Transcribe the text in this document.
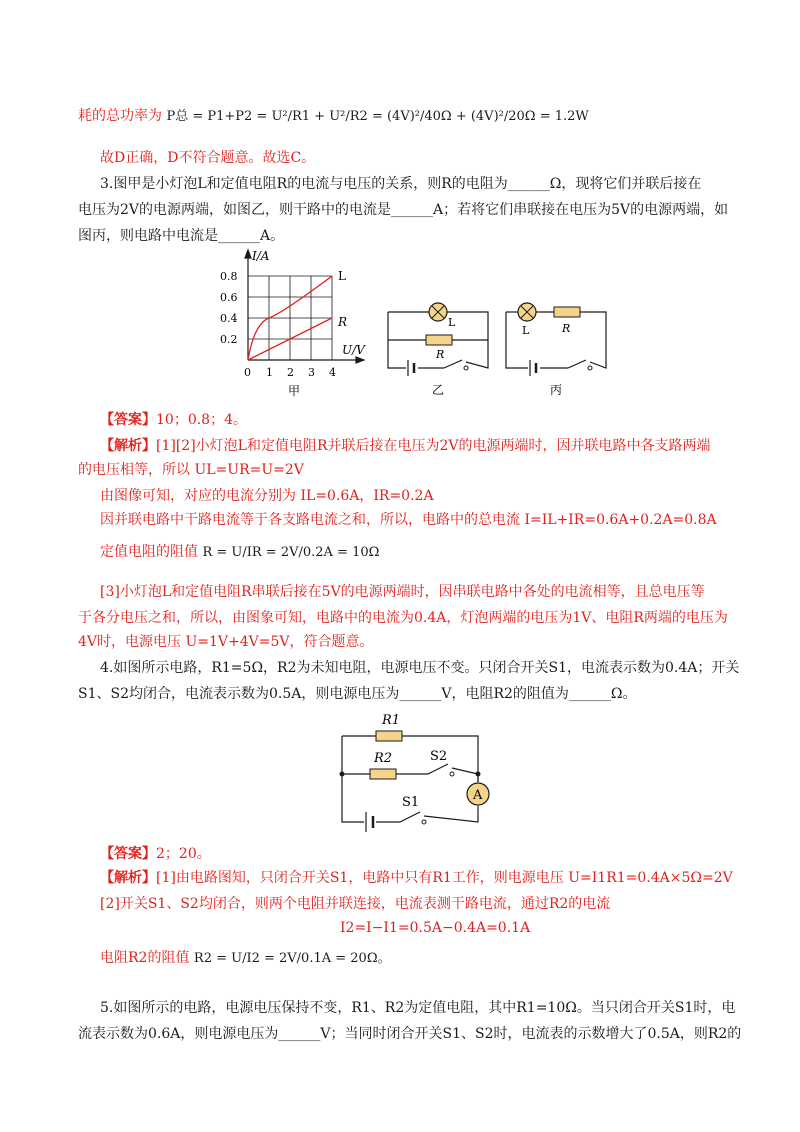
耗的总功率为 P总 = P1+P2 = U²/R1 + U²/R2 = (4V)²/40Ω + (4V)²/20Ω = 1.2W
故D正确，D不符合题意。故选C。
3.图甲是小灯泡L和定值电阻R的电流与电压的关系，则R的电阻为______Ω，现将它们并联后接在
电压为2V的电源两端，如图乙，则干路中的电流是______A；若将它们串联接在电压为5V的电源两端，如
图丙，则电路中电流是______A。
I/A
U/V
0.8
0.6
0.4
0.2
0 1 2 3 4
L
R
甲
L
R
乙
L	R
丙
【答案】10；0.8；4。
【解析】[1][2]小灯泡L和定值电阻R并联后接在电压为2V的电源两端时，因并联电路中各支路两端
的电压相等，所以 UL=UR=U=2V
由图像可知，对应的电流分别为 IL=0.6A，IR=0.2A
因并联电路中干路电流等于各支路电流之和，所以，电路中的总电流 I=IL+IR=0.6A+0.2A=0.8A
定值电阻的阻值 R = U/IR = 2V/0.2A = 10Ω
[3]小灯泡L和定值电阻R串联后接在5V的电源两端时，因串联电路中各处的电流相等，且总电压等
于各分电压之和，所以，由图象可知，电路中的电流为0.4A，灯泡两端的电压为1V、电阻R两端的电压为
4V时，电源电压 U=1V+4V=5V，符合题意。
4.如图所示电路，R1=5Ω，R2为未知电阻，电源电压不变。只闭合开关S1，电流表示数为0.4A；开关
S1、S2均闭合，电流表示数为0.5A，则电源电压为______V，电阻R2的阻值为______Ω。
R1
R2	S2
A
S1
【答案】2；20。
【解析】[1]由电路图知，只闭合开关S1，电路中只有R1工作，则电源电压 U=I1R1=0.4A×5Ω=2V
[2]开关S1、S2均闭合，则两个电阻并联连接，电流表测干路电流，通过R2的电流
I2=I−I1=0.5A−0.4A=0.1A
电阻R2的阻值 R2 = U/I2 = 2V/0.1A = 20Ω。
5.如图所示的电路，电源电压保持不变，R1、R2为定值电阻，其中R1=10Ω。当只闭合开关S1时，电
流表示数为0.6A，则电源电压为______V；当同时闭合开关S1、S2时，电流表的示数增大了0.5A，则R2的
